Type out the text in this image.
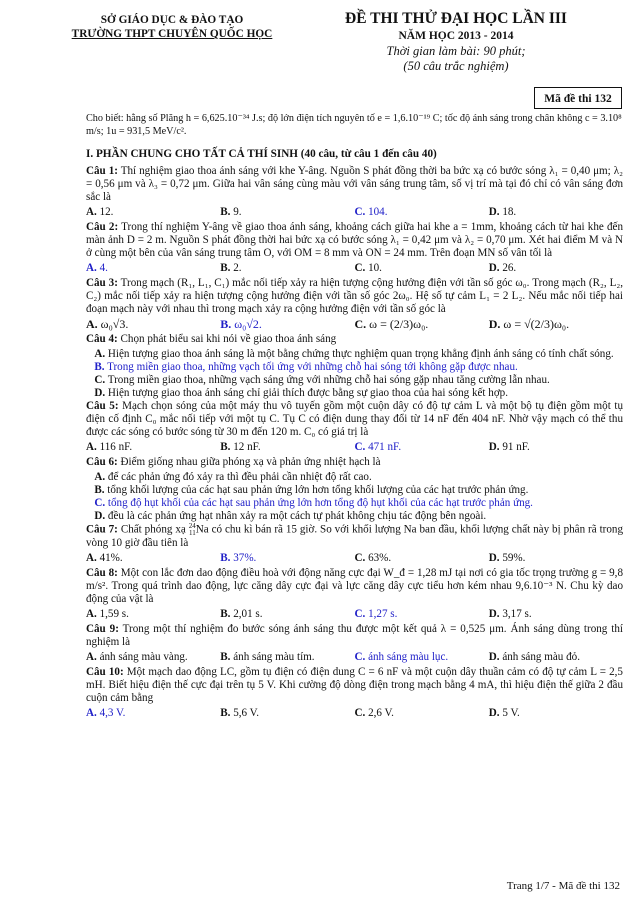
SỞ GIÁO DỤC & ĐÀO TẠO
TRƯỜNG THPT CHUYÊN QUỐC HỌC
ĐỀ THI THỬ ĐẠI HỌC LẦN III
NĂM HỌC 2013 - 2014
Thời gian làm bài: 90 phút;
(50 câu trắc nghiệm)
Mã đề thi 132
Cho biết: hằng số Plăng h = 6,625.10⁻³⁴ J.s; độ lớn điện tích nguyên tố e = 1,6.10⁻¹⁹ C; tốc độ ánh sáng trong chân không c = 3.10⁸ m/s; 1u = 931,5 MeV/c².
I. PHẦN CHUNG CHO TẤT CẢ THÍ SINH (40 câu, từ câu 1 đến câu 40)
Câu 1: Thí nghiệm giao thoa ánh sáng với khe Y-âng. Nguồn S phát đồng thời ba bức xạ có bước sóng λ₁ = 0,40 μm; λ₂ = 0,56 μm và λ₃ = 0,72 μm. Giữa hai vân sáng cùng màu với vân sáng trung tâm, số vị trí mà tại đó chỉ có vân sáng đơn sắc là
A. 12.	B. 9.	C. 104.	D. 18.
Câu 2: Trong thí nghiệm Y-âng về giao thoa ánh sáng, khoảng cách giữa hai khe a = 1mm, khoảng cách từ hai khe đến màn ảnh D = 2 m. Nguồn S phát đồng thời hai bức xạ có bước sóng λ₁ = 0,42 μm và λ₂ = 0,70 μm. Xét hai điểm M và N ở cùng một bên của vân sáng trung tâm O, với OM = 8 mm và ON = 24 mm. Trên đoạn MN số vân tối là
A. 4.	B. 2.	C. 10.	D. 26.
Câu 3: Trong mạch (R₁, L₁, C₁) mắc nối tiếp xảy ra hiện tượng cộng hưởng điện với tần số góc ω₀. Trong mạch (R₂, L₂, C₂) mắc nối tiếp xảy ra hiện tượng cộng hưởng điện với tần số góc 2ω₀. Hệ số tự cảm L₁ = 2 L₂. Nếu mắc nối tiếp hai đoạn mạch này với nhau thì trong mạch xảy ra cộng hưởng điện với tần số góc là
A. ω₀√3.	B. ω₀√2.	C. ω = (2/3)ω₀.	D. ω = √(2/3)ω₀.
Câu 4: Chọn phát biểu sai khi nói về giao thoa ánh sáng
A. Hiện tượng giao thoa ánh sáng là một bằng chứng thực nghiệm quan trọng khẳng định ánh sáng có tính chất sóng.
B. Trong miền giao thoa, những vạch tối ứng với những chỗ hai sóng tới không gặp được nhau.
C. Trong miền giao thoa, những vạch sáng ứng với những chỗ hai sóng gặp nhau tăng cường lẫn nhau.
D. Hiện tượng giao thoa ánh sáng chỉ giải thích được bằng sự giao thoa của hai sóng kết hợp.
Câu 5: Mạch chọn sóng của một máy thu vô tuyến gồm một cuộn dây có độ tự cảm L và một bộ tụ điện gồm một tụ điện cố định C₀ mắc nối tiếp với một tụ C. Tụ C có điện dung thay đổi từ 14 nF đến 404 nF. Nhờ vậy mạch có thể thu được các sóng có bước sóng từ 30 m đến 120 m. C₀ có giá trị là
A. 116 nF.	B. 12 nF.	C. 471 nF.	D. 91 nF.
Câu 6: Điểm giống nhau giữa phóng xạ và phản ứng nhiệt hạch là
A. để các phản ứng đó xảy ra thì đều phải cần nhiệt độ rất cao.
B. tổng khối lượng của các hạt sau phản ứng lớn hơn tổng khối lượng của các hạt trước phản ứng.
C. tổng độ hụt khối của các hạt sau phản ứng lớn hơn tổng độ hụt khối của các hạt trước phản ứng.
D. đều là các phản ứng hạt nhân xảy ra một cách tự phát không chịu tác động bên ngoài.
Câu 7: Chất phóng xạ 24
11 Na có chu kì bán rã 15 giờ. So với khối lượng Na ban đầu, khối lượng chất này bị phân rã trong vòng 10 giờ đầu tiên là
A. 41%.	B. 37%.	C. 63%.	D. 59%.
Câu 8: Một con lắc đơn dao động điều hoà với động năng cực đại W_đ = 1,28 mJ tại nơi có gia tốc trọng trường g = 9,8 m/s². Trong quá trình dao động, lực căng dây cực đại và lực căng dây cực tiểu hơn kém nhau 9,6.10⁻³ N. Chu kỳ dao động của vật là
A. 1,59 s.	B. 2,01 s.	C. 1,27 s.	D. 3,17 s.
Câu 9: Trong một thí nghiệm đo bước sóng ánh sáng thu được một kết quả λ = 0,525 μm. Ánh sáng dùng trong thí nghiệm là
A. ánh sáng màu vàng.	B. ánh sáng màu tím.	C. ánh sáng màu lục.	D. ánh sáng màu đỏ.
Câu 10: Một mạch dao động LC, gồm tụ điện có điện dung C = 6 nF và một cuộn dây thuần cảm có độ tự cảm L = 2,5 mH. Biết hiệu điện thế cực đại trên tụ 5 V. Khi cường độ dòng điện trong mạch bằng 4 mA, thì hiệu điện thế giữa 2 đầu cuộn cảm bằng
A. 4,3 V.	B. 5,6 V.	C. 2,6 V.	D. 5 V.
Trang 1/7 - Mã đề thi 132
